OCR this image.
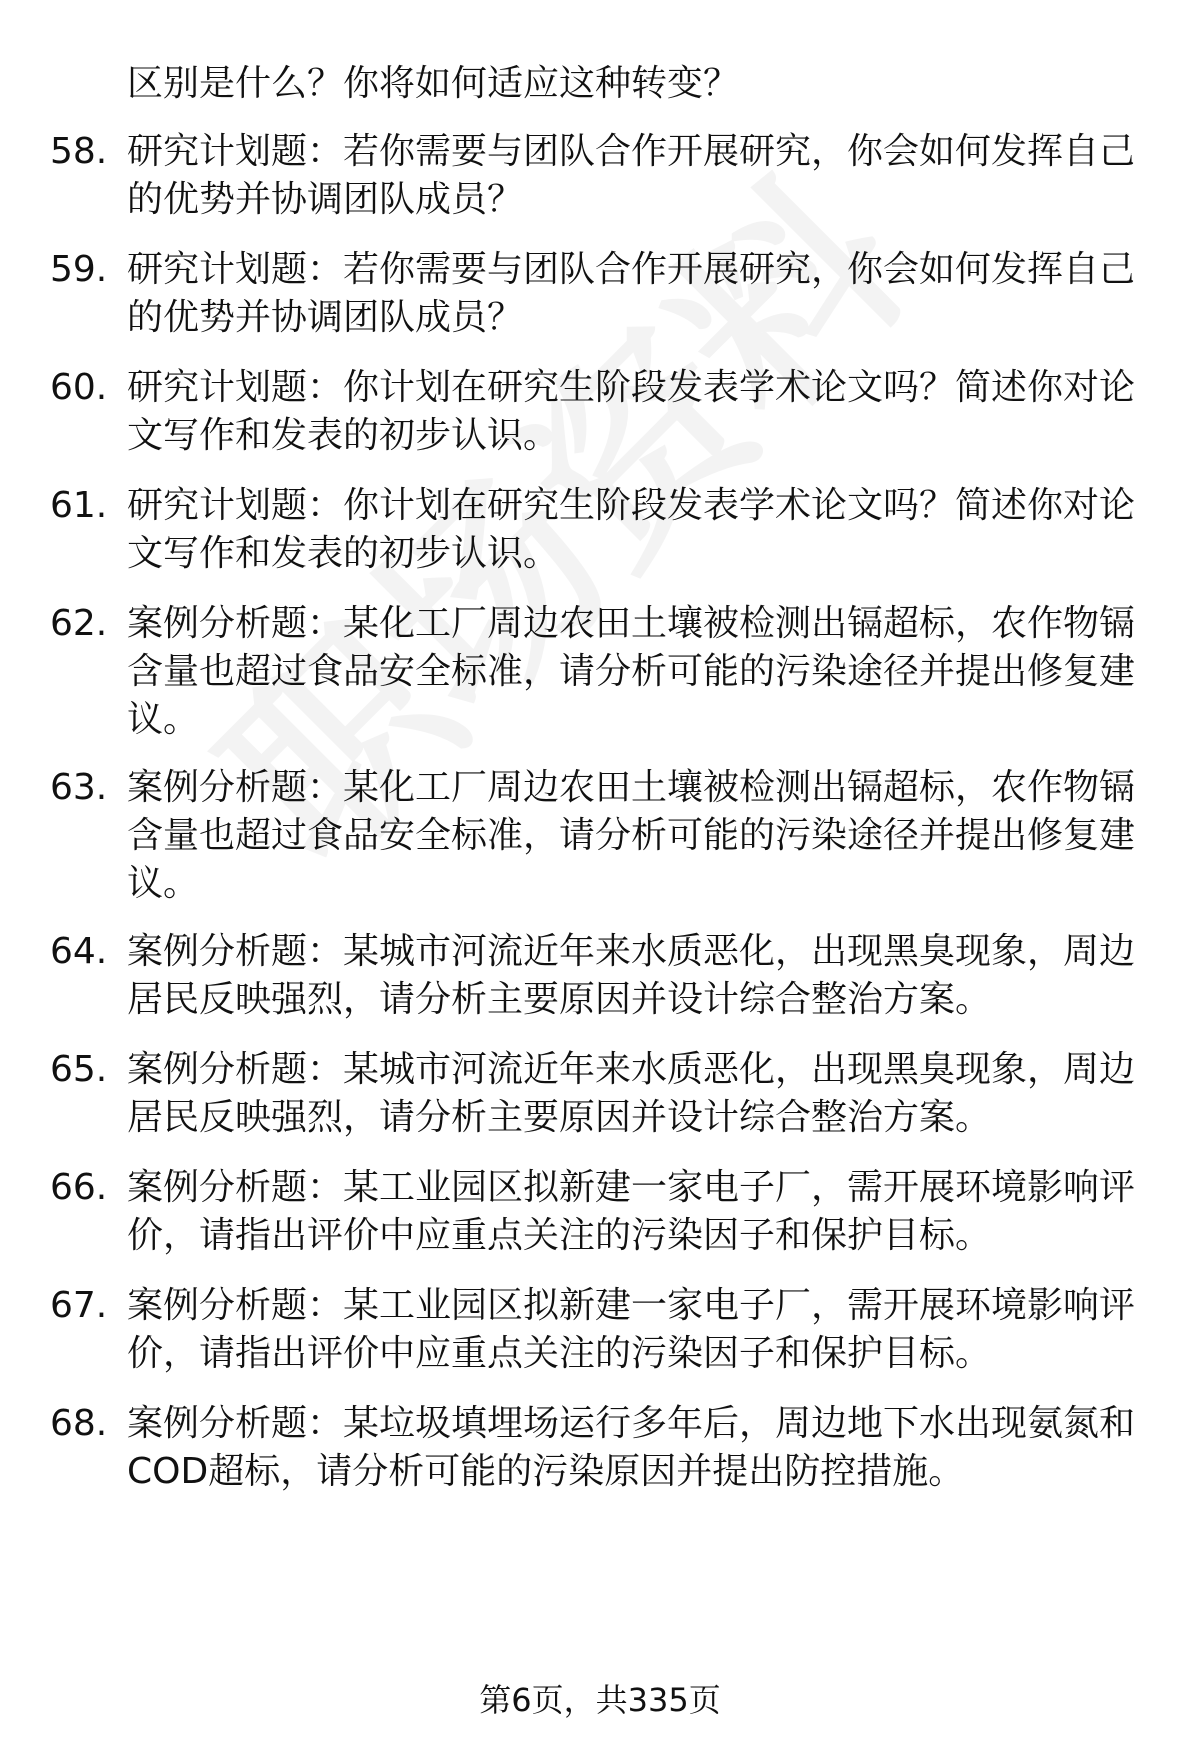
区别是什么？你将如何适应这种转变？
58. 研究计划题：若你需要与团队合作开展研究，你会如何发挥自己的优势并协调团队成员？
59. 研究计划题：若你需要与团队合作开展研究，你会如何发挥自己的优势并协调团队成员？
60. 研究计划题：你计划在研究生阶段发表学术论文吗？简述你对论文写作和发表的初步认识。
61. 研究计划题：你计划在研究生阶段发表学术论文吗？简述你对论文写作和发表的初步认识。
62. 案例分析题：某化工厂周边农田土壤被检测出镉超标，农作物镉含量也超过食品安全标准，请分析可能的污染途径并提出修复建议。
63. 案例分析题：某化工厂周边农田土壤被检测出镉超标，农作物镉含量也超过食品安全标准，请分析可能的污染途径并提出修复建议。
64. 案例分析题：某城市河流近年来水质恶化，出现黑臭现象，周边居民反映强烈，请分析主要原因并设计综合整治方案。
65. 案例分析题：某城市河流近年来水质恶化，出现黑臭现象，周边居民反映强烈，请分析主要原因并设计综合整治方案。
66. 案例分析题：某工业园区拟新建一家电子厂，需开展环境影响评价，请指出评价中应重点关注的污染因子和保护目标。
67. 案例分析题：某工业园区拟新建一家电子厂，需开展环境影响评价，请指出评价中应重点关注的污染因子和保护目标。
68. 案例分析题：某垃圾填埋场运行多年后，周边地下水出现氨氮和COD超标，请分析可能的污染原因并提出防控措施。
第6页，共335页
